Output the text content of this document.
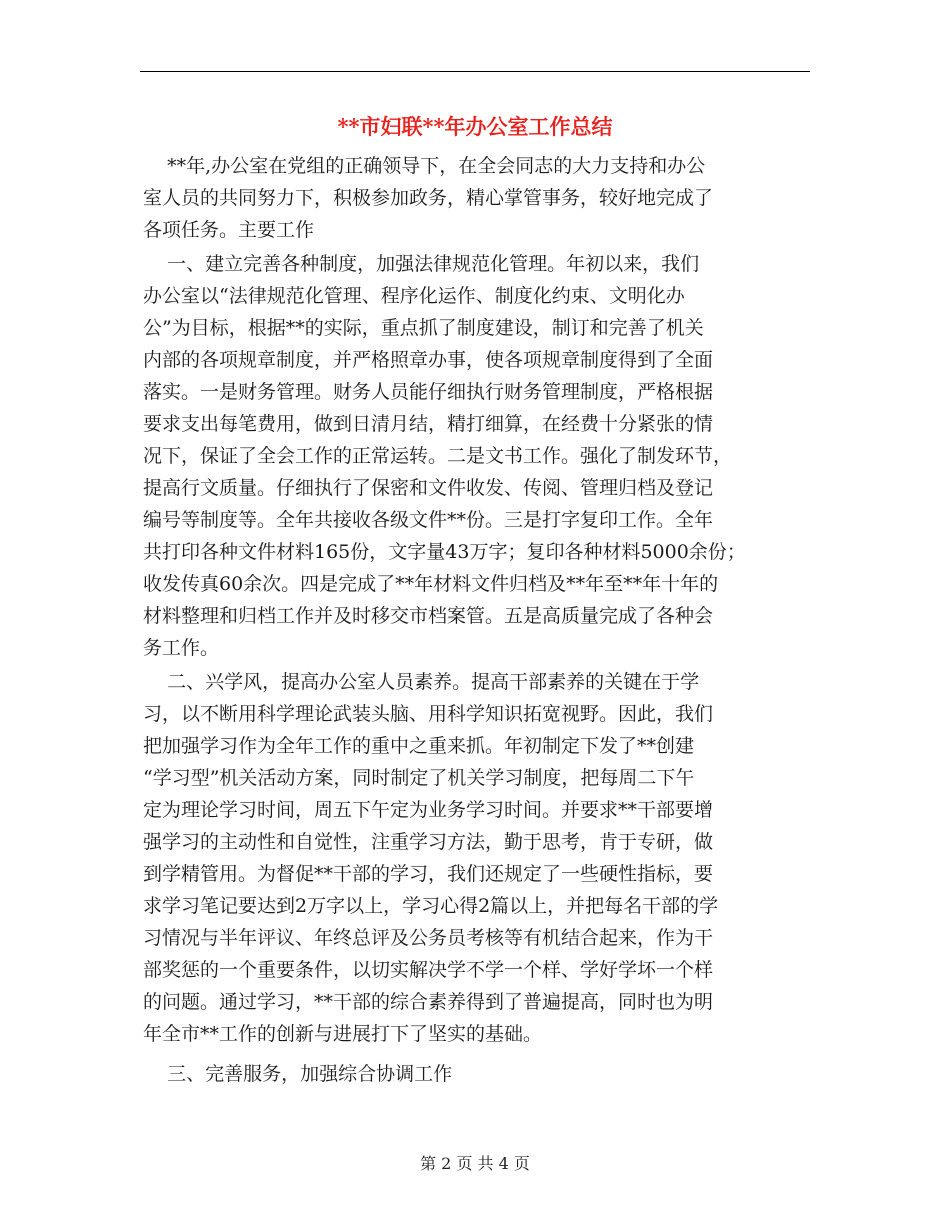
**市妇联**年办公室工作总结
**年,办公室在党组的正确领导下，在全会同志的大力支持和办公
室人员的共同努力下，积极参加政务，精心掌管事务，较好地完成了
各项任务。主要工作
一、建立完善各种制度，加强法律规范化管理。年初以来，我们
办公室以“法律规范化管理、程序化运作、制度化约束、文明化办
公”为目标，根据**的实际，重点抓了制度建设，制订和完善了机关
内部的各项规章制度，并严格照章办事，使各项规章制度得到了全面
落实。一是财务管理。财务人员能仔细执行财务管理制度，严格根据
要求支出每笔费用，做到日清月结，精打细算，在经费十分紧张的情
况下，保证了全会工作的正常运转。二是文书工作。强化了制发环节，
提高行文质量。仔细执行了保密和文件收发、传阅、管理归档及登记
编号等制度等。全年共接收各级文件**份。三是打字复印工作。全年
共打印各种文件材料165份，文字量43万字；复印各种材料5000余份；
收发传真60余次。四是完成了**年材料文件归档及**年至**年十年的
材料整理和归档工作并及时移交市档案管。五是高质量完成了各种会
务工作。
二、兴学风，提高办公室人员素养。提高干部素养的关键在于学
习，以不断用科学理论武装头脑、用科学知识拓宽视野。因此，我们
把加强学习作为全年工作的重中之重来抓。年初制定下发了**创建
“学习型”机关活动方案，同时制定了机关学习制度，把每周二下午
定为理论学习时间，周五下午定为业务学习时间。并要求**干部要增
强学习的主动性和自觉性，注重学习方法，勤于思考，肯于专研，做
到学精管用。为督促**干部的学习，我们还规定了一些硬性指标，要
求学习笔记要达到2万字以上，学习心得2篇以上，并把每名干部的学
习情况与半年评议、年终总评及公务员考核等有机结合起来，作为干
部奖惩的一个重要条件，以切实解决学不学一个样、学好学坏一个样
的问题。通过学习，**干部的综合素养得到了普遍提高，同时也为明
年全市**工作的创新与进展打下了坚实的基础。
三、完善服务，加强综合协调工作
第 2 页 共 4 页
